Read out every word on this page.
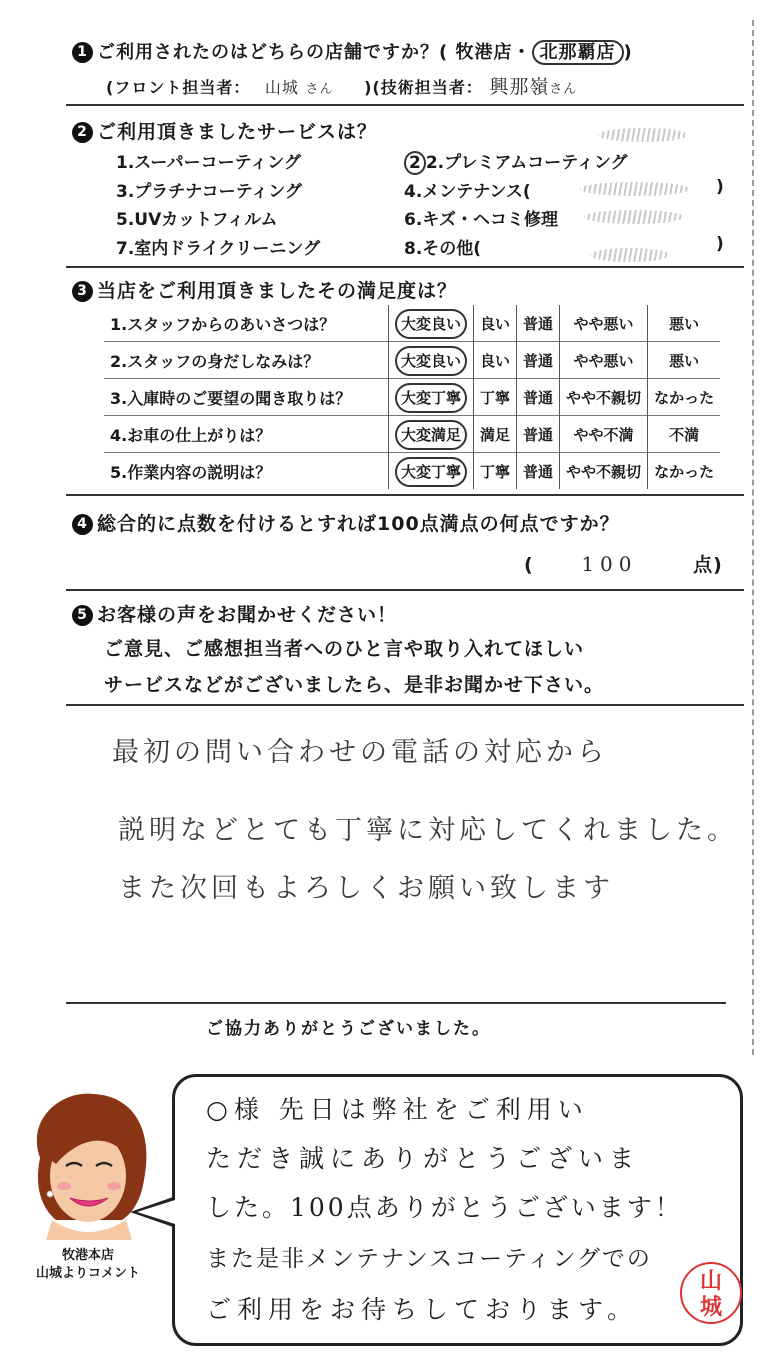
1 ご利用されたのはどちらの店舗ですか？( 牧港店・ 北那覇店 )
(フロント担当者： 山城 さん )(技術担当者： 興那嶺さん
2 ご利用頂きましたサービスは？
1.スーパーコーティング	2 2.プレミアムコーティング
3.プラチナコーティング	4.メンテナンス(	)
5.UVカットフィルム	6.キズ・ヘコミ修理
7.室内ドライクリーニング	8.その他(	)
3 当店をご利用頂きましたその満足度は？
1.スタッフからのあいさつは？	大変良い	良い	普通	やや悪い	悪い
2.スタッフの身だしなみは？	大変良い	良い	普通	やや悪い	悪い
3.入庫時のご要望の聞き取りは？	大変丁寧	丁寧	普通	やや不親切	なかった
4.お車の仕上がりは？	大変満足	満足	普通	やや不満	不満
5.作業内容の説明は？	大変丁寧	丁寧	普通	やや不親切	なかった
4 総合的に点数を付けるとすれば100点満点の何点ですか？
( 100	点)
5 お客様の声をお聞かせください！
ご意見、ご感想担当者へのひと言や取り入れてほしい
サービスなどがございましたら、是非お聞かせ下さい。
最初の問い合わせの電話の対応から
説明などとても丁寧に対応してくれました。
また次回もよろしくお願い致します
ご協力ありがとうございました。
牧港本店
山城よりコメント
○様 先日は弊社をご利用い
ただき誠にありがとうございま
した。100点ありがとうございます！
また是非メンテナンスコーティングでの
ご利用をお待ちしております。
山城
